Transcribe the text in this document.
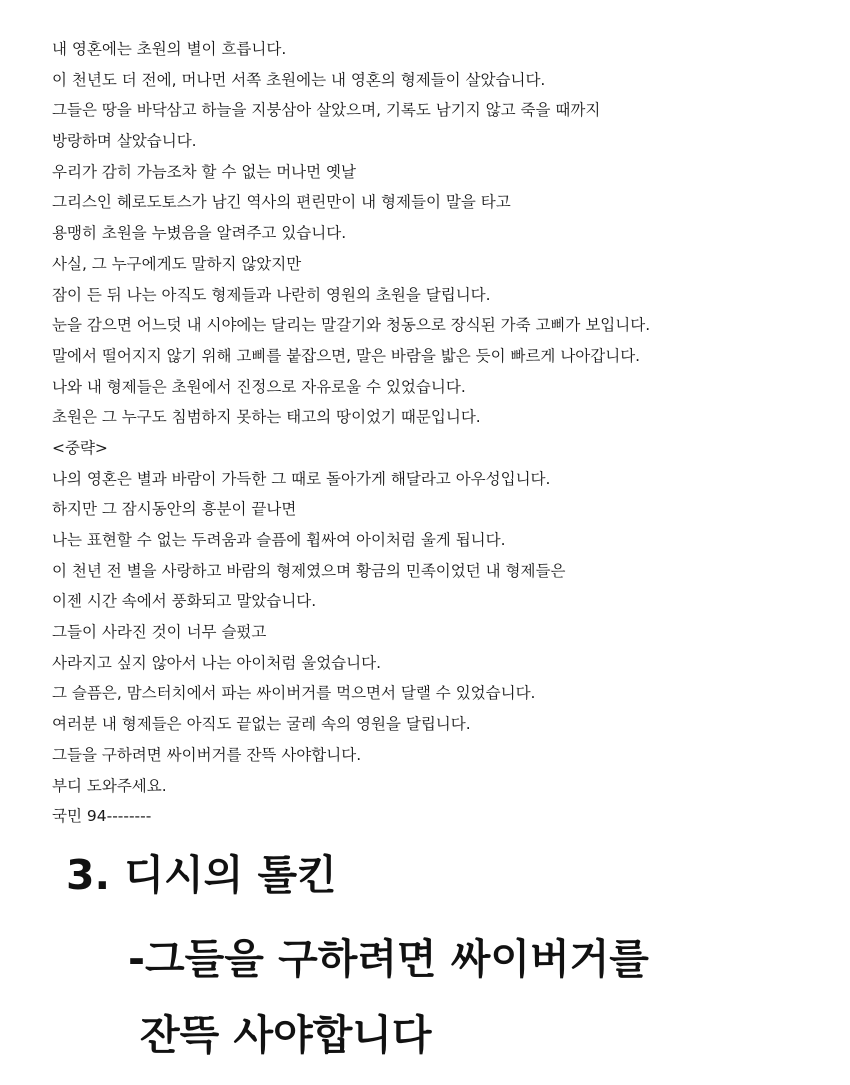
내 영혼에는 초원의 별이 흐릅니다.
이 천년도 더 전에, 머나먼 서쪽 초원에는 내 영혼의 형제들이 살았습니다.
그들은 땅을 바닥삼고 하늘을 지붕삼아 살았으며, 기록도 남기지 않고 죽을 때까지
방랑하며 살았습니다.
우리가 감히 가늠조차 할 수 없는 머나먼 옛날
그리스인 헤로도토스가 남긴 역사의 편린만이 내 형제들이 말을 타고
용맹히 초원을 누볐음을 알려주고 있습니다.
사실, 그 누구에게도 말하지 않았지만
잠이 든 뒤 나는 아직도 형제들과 나란히 영원의 초원을 달립니다.
눈을 감으면 어느덧 내 시야에는 달리는 말갈기와 청동으로 장식된 가죽 고삐가 보입니다.
말에서 떨어지지 않기 위해 고삐를 붙잡으면, 말은 바람을 밟은 듯이 빠르게 나아갑니다.
나와 내 형제들은 초원에서 진정으로 자유로울 수 있었습니다.
초원은 그 누구도 침범하지 못하는 태고의 땅이었기 때문입니다.
<중략>
나의 영혼은 별과 바람이 가득한 그 때로 돌아가게 해달라고 아우성입니다.
하지만 그 잠시동안의 흥분이 끝나면
나는 표현할 수 없는 두려움과 슬픔에 휩싸여 아이처럼 울게 됩니다.
이 천년 전 별을 사랑하고 바람의 형제였으며 황금의 민족이었던 내 형제들은
이젠 시간 속에서 풍화되고 말았습니다.
그들이 사라진 것이 너무 슬펐고
사라지고 싶지 않아서 나는 아이처럼 울었습니다.
그 슬픔은, 맘스터치에서 파는 싸이버거를 먹으면서 달랠 수 있었습니다.
여러분 내 형제들은 아직도 끝없는 굴레 속의 영원을 달립니다.
그들을 구하려면 싸이버거를 잔뜩 사야합니다.
부디 도와주세요.
국민 94--------
3. 디시의 톨킨
-그들을 구하려면 싸이버거를
잔뜩 사야합니다
